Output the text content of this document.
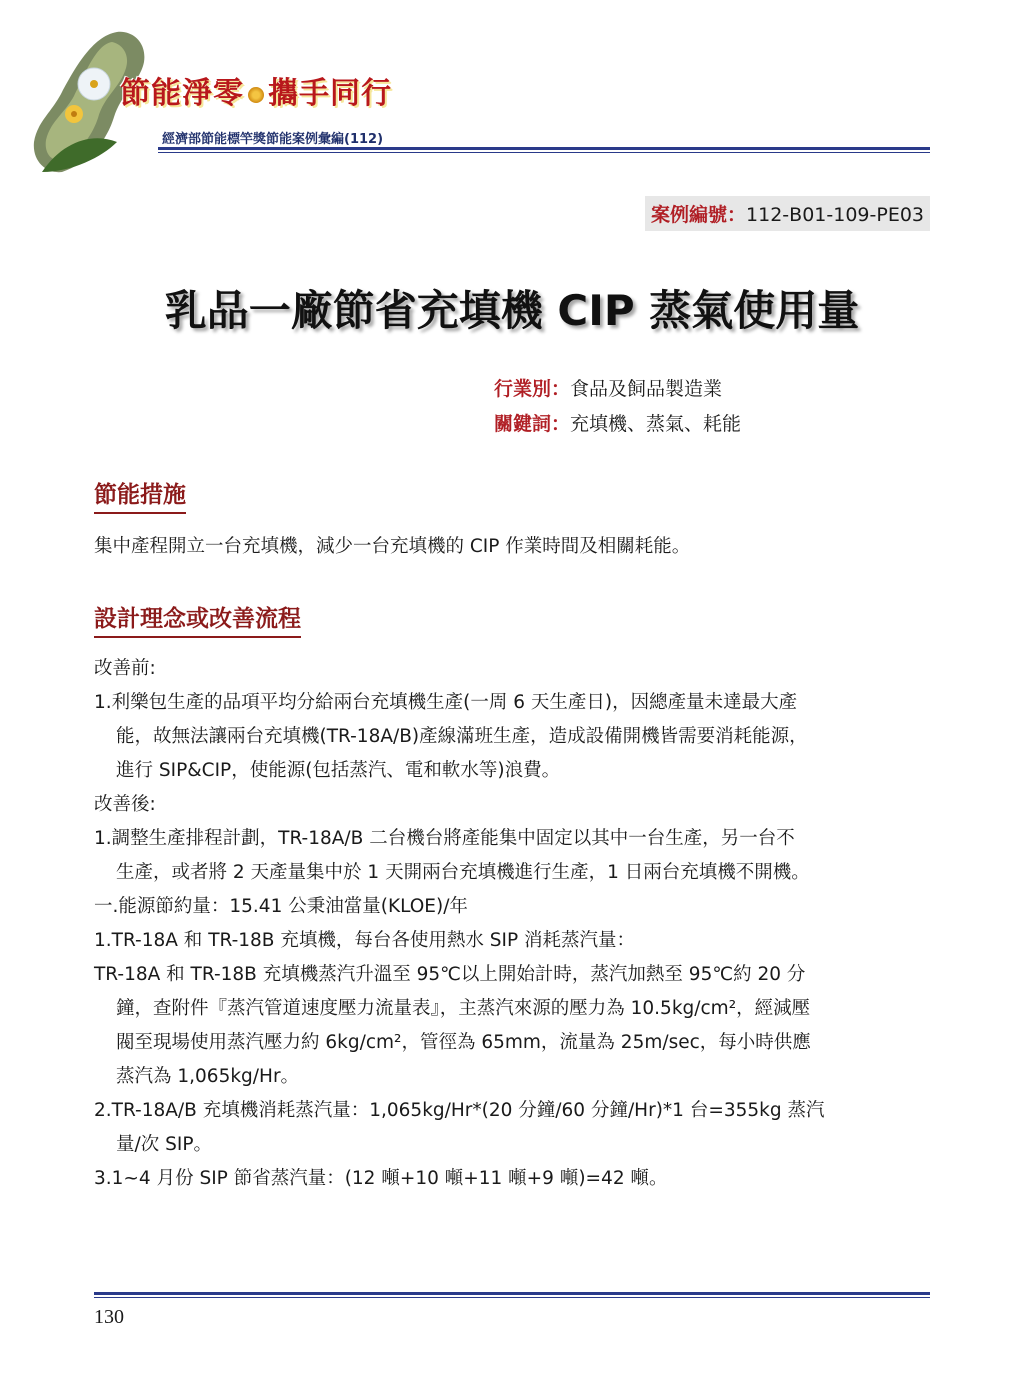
節能淨零 攜手同行
經濟部節能標竿獎節能案例彙編(112)
案例編號：112-B01-109-PE03
乳品一廠節省充填機 CIP 蒸氣使用量
行業別：食品及飼品製造業
關鍵詞：充填機、蒸氣、耗能
節能措施
集中產程開立一台充填機，減少一台充填機的 CIP 作業時間及相關耗能。
設計理念或改善流程
改善前:
1.利樂包生產的品項平均分給兩台充填機生產(一周 6 天生產日)，因總產量未達最大產
能，故無法讓兩台充填機(TR-18A/B)產線滿班生產，造成設備開機皆需要消耗能源，
進行 SIP&CIP，使能源(包括蒸汽、電和軟水等)浪費。
改善後:
1.調整生產排程計劃，TR-18A/B 二台機台將產能集中固定以其中一台生產，另一台不
生產，或者將 2 天產量集中於 1 天開兩台充填機進行生產，1 日兩台充填機不開機。
一.能源節約量：15.41 公秉油當量(KLOE)/年
1.TR-18A 和 TR-18B 充填機，每台各使用熱水 SIP 消耗蒸汽量：
TR-18A 和 TR-18B 充填機蒸汽升溫至 95℃以上開始計時，蒸汽加熱至 95℃約 20 分
鐘，查附件『蒸汽管道速度壓力流量表』，主蒸汽來源的壓力為 10.5kg/cm²，經減壓
閥至現場使用蒸汽壓力約 6kg/cm²，管徑為 65mm，流量為 25m/sec，每小時供應
蒸汽為 1,065kg/Hr。
2.TR-18A/B 充填機消耗蒸汽量：1,065kg/Hr*(20 分鐘/60 分鐘/Hr)*1 台=355kg 蒸汽
量/次 SIP。
3.1~4 月份 SIP 節省蒸汽量：(12 噸+10 噸+11 噸+9 噸)=42 噸。
130
